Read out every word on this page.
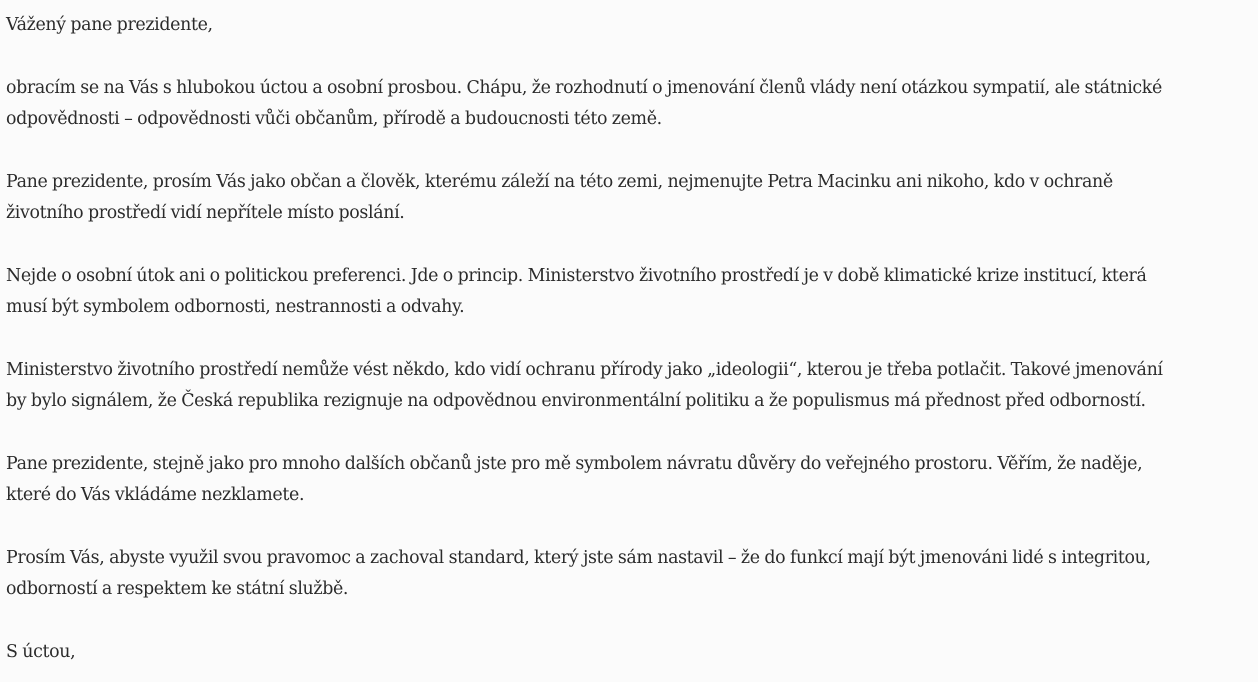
Vážený pane prezidente,

obracím se na Vás s hlubokou úctou a osobní prosbou. Chápu, že rozhodnutí o jmenování členů vlády není otázkou sympatií, ale státnické
odpovědnosti – odpovědnosti vůči občanům, přírodě a budoucnosti této země.

Pane prezidente, prosím Vás jako občan a člověk, kterému záleží na této zemi, nejmenujte Petra Macinku ani nikoho, kdo v ochraně
životního prostředí vidí nepřítele místo poslání.

Nejde o osobní útok ani o politickou preferenci. Jde o princip. Ministerstvo životního prostředí je v době klimatické krize institucí, která
musí být symbolem odbornosti, nestrannosti a odvahy.

Ministerstvo životního prostředí nemůže vést někdo, kdo vidí ochranu přírody jako „ideologii“, kterou je třeba potlačit. Takové jmenování
by bylo signálem, že Česká republika rezignuje na odpovědnou environmentální politiku a že populismus má přednost před odborností.

Pane prezidente, stejně jako pro mnoho dalších občanů jste pro mě symbolem návratu důvěry do veřejného prostoru. Věřím, že naděje,
které do Vás vkládáme nezklamete.

Prosím Vás, abyste využil svou pravomoc a zachoval standard, který jste sám nastavil – že do funkcí mají být jmenováni lidé s integritou,
odborností a respektem ke státní službě.

S úctou,
